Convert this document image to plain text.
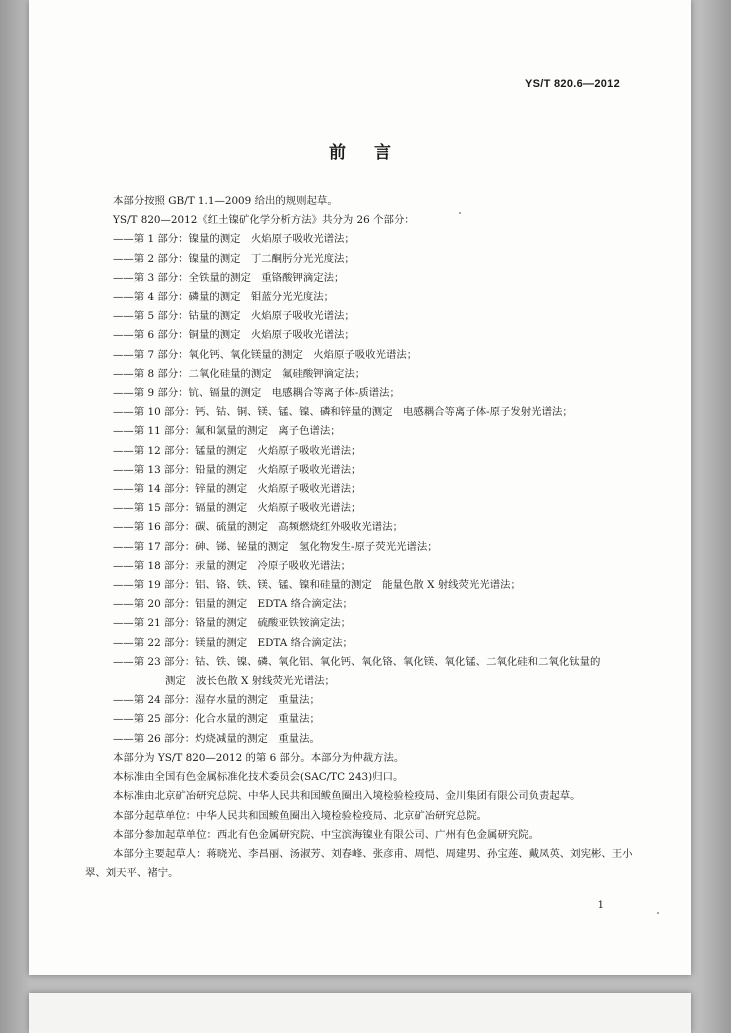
YS/T 820.6—2012
前言

本部分按照 GB/T 1.1—2009 给出的规则起草。

YS/T 820—2012《红土镍矿化学分析方法》共分为 26 个部分：

——第 1 部分：镍量的测定　火焰原子吸收光谱法；

——第 2 部分：镍量的测定　丁二酮肟分光光度法；

——第 3 部分：全铁量的测定　重铬酸钾滴定法；

——第 4 部分：磷量的测定　钼蓝分光光度法；

——第 5 部分：钴量的测定　火焰原子吸收光谱法；

——第 6 部分：铜量的测定　火焰原子吸收光谱法；

——第 7 部分：氧化钙、氧化镁量的测定　火焰原子吸收光谱法；

——第 8 部分：二氧化硅量的测定　氟硅酸钾滴定法；

——第 9 部分：钪、镉量的测定　电感耦合等离子体-质谱法；

——第 10 部分：钙、钴、铜、镁、锰、镍、磷和锌量的测定　电感耦合等离子体-原子发射光谱法；

——第 11 部分：氟和氯量的测定　离子色谱法；

——第 12 部分：锰量的测定　火焰原子吸收光谱法；

——第 13 部分：铅量的测定　火焰原子吸收光谱法；

——第 14 部分：锌量的测定　火焰原子吸收光谱法；

——第 15 部分：镉量的测定　火焰原子吸收光谱法；

——第 16 部分：碳、硫量的测定　高频燃烧红外吸收光谱法；

——第 17 部分：砷、锑、铋量的测定　氢化物发生-原子荧光光谱法；

——第 18 部分：汞量的测定　冷原子吸收光谱法；

——第 19 部分：铝、铬、铁、镁、锰、镍和硅量的测定　能量色散 X 射线荧光光谱法；

——第 20 部分：铝量的测定　EDTA 络合滴定法；

——第 21 部分：铬量的测定　硫酸亚铁铵滴定法；

——第 22 部分：镁量的测定　EDTA 络合滴定法；

——第 23 部分：钴、铁、镍、磷、氧化铝、氧化钙、氧化铬、氧化镁、氧化锰、二氧化硅和二氧化钛量的

测定　波长色散 X 射线荧光光谱法；

——第 24 部分：湿存水量的测定　重量法；

——第 25 部分：化合水量的测定　重量法；

——第 26 部分：灼烧减量的测定　重量法。

本部分为 YS/T 820—2012 的第 6 部分。本部分为仲裁方法。

本标准由全国有色金属标准化技术委员会(SAC/TC 243)归口。

本标准由北京矿冶研究总院、中华人民共和国鲅鱼圈出入境检验检疫局、金川集团有限公司负责起草。

本部分起草单位：中华人民共和国鲅鱼圈出入境检验检疫局、北京矿冶研究总院。

本部分参加起草单位：西北有色金属研究院、中宝滨海镍业有限公司、广州有色金属研究院。

本部分主要起草人：蒋晓光、李昌丽、汤淑芳、刘春峰、张彦甫、周恺、周建男、孙宝莲、戴凤英、刘宪彬、王小翠、刘天平、褚宁。

1
